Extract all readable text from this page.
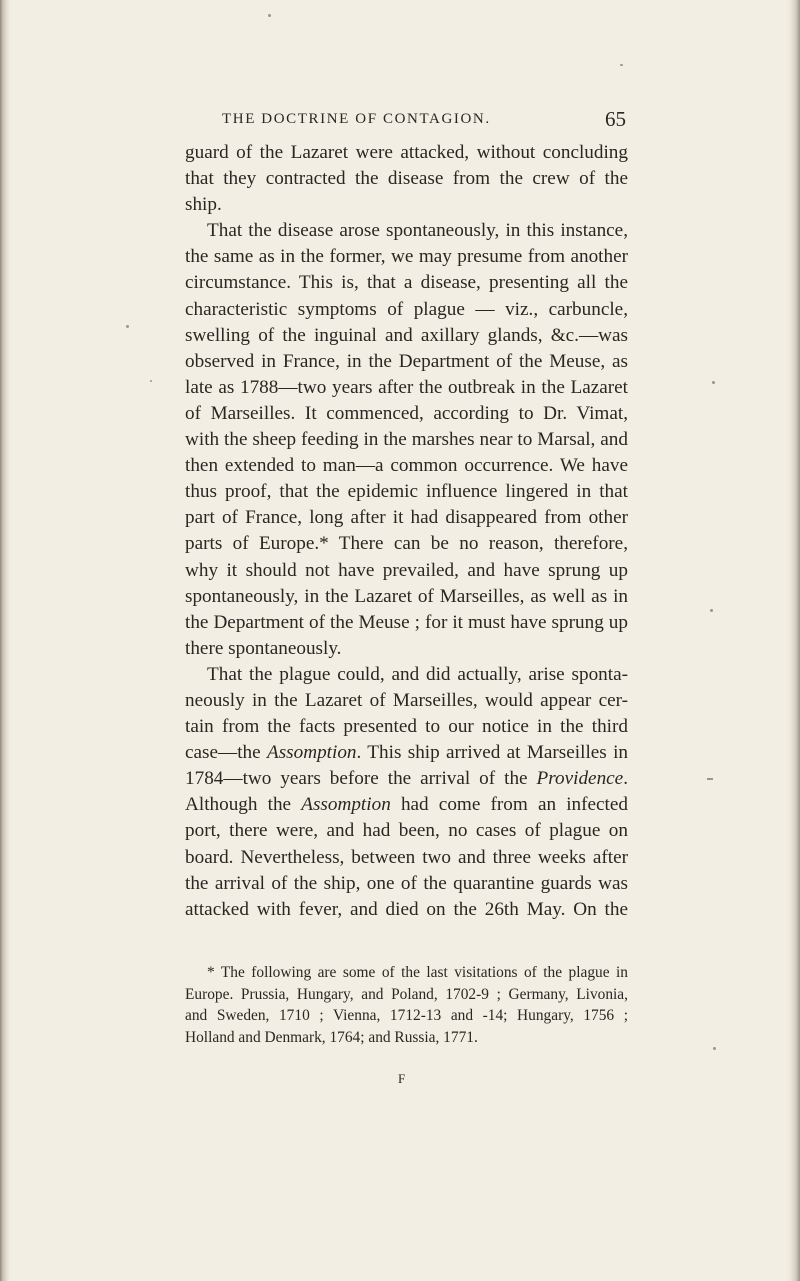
THE DOCTRINE OF CONTAGION.	65
guard of the Lazaret were attacked, without concluding
that they contracted the disease from the crew of the
ship.
That the disease arose spontaneously, in this instance,
the same as in the former, we may presume from another
circumstance. This is, that a disease, presenting all the
characteristic symptoms of plague — viz., carbuncle,
swelling of the inguinal and axillary glands, &c.—was
observed in France, in the Department of the Meuse, as
late as 1788—two years after the outbreak in the Lazaret
of Marseilles. It commenced, according to Dr. Vimat,
with the sheep feeding in the marshes near to Marsal, and
then extended to man—a common occurrence. We have
thus proof, that the epidemic influence lingered in that
part of France, long after it had disappeared from other
parts of Europe.* There can be no reason, therefore,
why it should not have prevailed, and have sprung up
spontaneously, in the Lazaret of Marseilles, as well as in
the Department of the Meuse ; for it must have sprung up
there spontaneously.
That the plague could, and did actually, arise sponta-
neously in the Lazaret of Marseilles, would appear cer-
tain from the facts presented to our notice in the third
case—the Assomption. This ship arrived at Marseilles in
1784—two years before the arrival of the Providence.
Although the Assomption had come from an infected
port, there were, and had been, no cases of plague on
board. Nevertheless, between two and three weeks after
the arrival of the ship, one of the quarantine guards was
attacked with fever, and died on the 26th May. On the
* The following are some of the last visitations of the plague in
Europe. Prussia, Hungary, and Poland, 1702-9 ; Germany, Livonia,
and Sweden, 1710 ; Vienna, 1712-13 and -14; Hungary, 1756 ;
Holland and Denmark, 1764; and Russia, 1771.
F
